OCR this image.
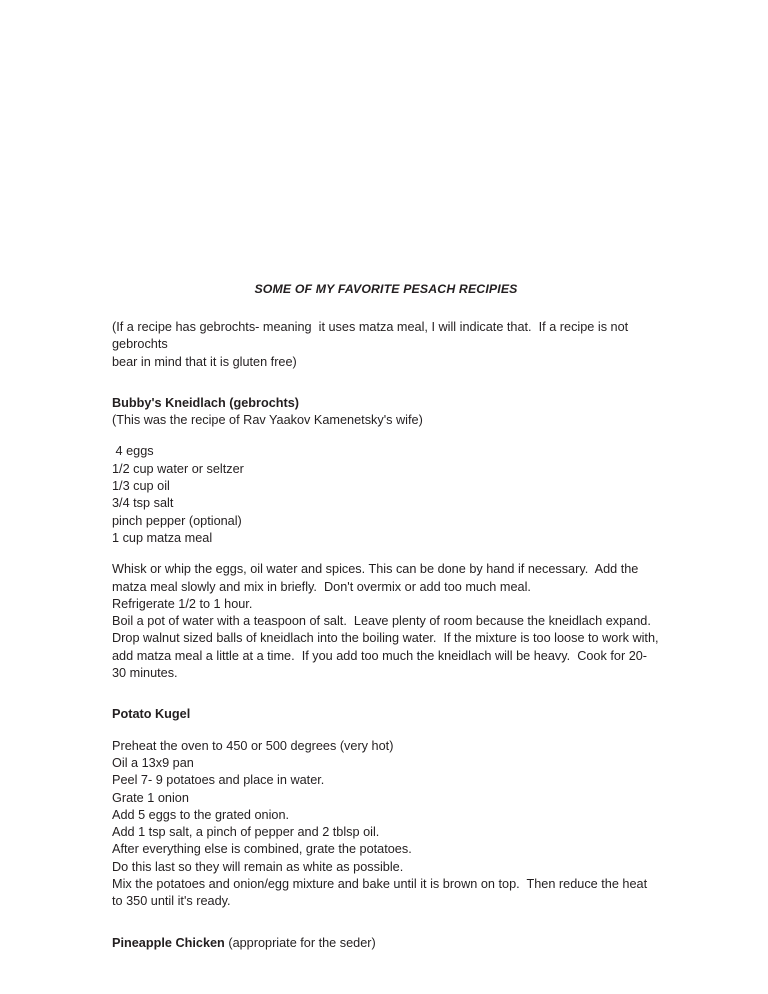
SOME OF MY FAVORITE PESACH RECIPIES
(If a recipe has gebrochts- meaning  it uses matza meal, I will indicate that.  If a recipe is not gebrochts
bear in mind that it is gluten free)
Bubby's Kneidlach (gebrochts)
(This was the recipe of Rav Yaakov Kamenetsky's wife)
4 eggs
1/2 cup water or seltzer
1/3 cup oil
3/4 tsp salt
pinch pepper (optional)
1 cup matza meal
Whisk or whip the eggs, oil water and spices. This can be done by hand if necessary.  Add the matza meal slowly and mix in briefly.  Don't overmix or add too much meal.
Refrigerate 1/2 to 1 hour.
Boil a pot of water with a teaspoon of salt.  Leave plenty of room because the kneidlach expand.
Drop walnut sized balls of kneidlach into the boiling water.  If the mixture is too loose to work with, add matza meal a little at a time.  If you add too much the kneidlach will be heavy.  Cook for 20-30 minutes.
Potato Kugel
Preheat the oven to 450 or 500 degrees (very hot)
Oil a 13x9 pan
Peel 7- 9 potatoes and place in water.
Grate 1 onion
Add 5 eggs to the grated onion.
Add 1 tsp salt, a pinch of pepper and 2 tblsp oil.
After everything else is combined, grate the potatoes.
Do this last so they will remain as white as possible.
Mix the potatoes and onion/egg mixture and bake until it is brown on top.  Then reduce the heat to 350 until it's ready.
Pineapple Chicken (appropriate for the seder)
